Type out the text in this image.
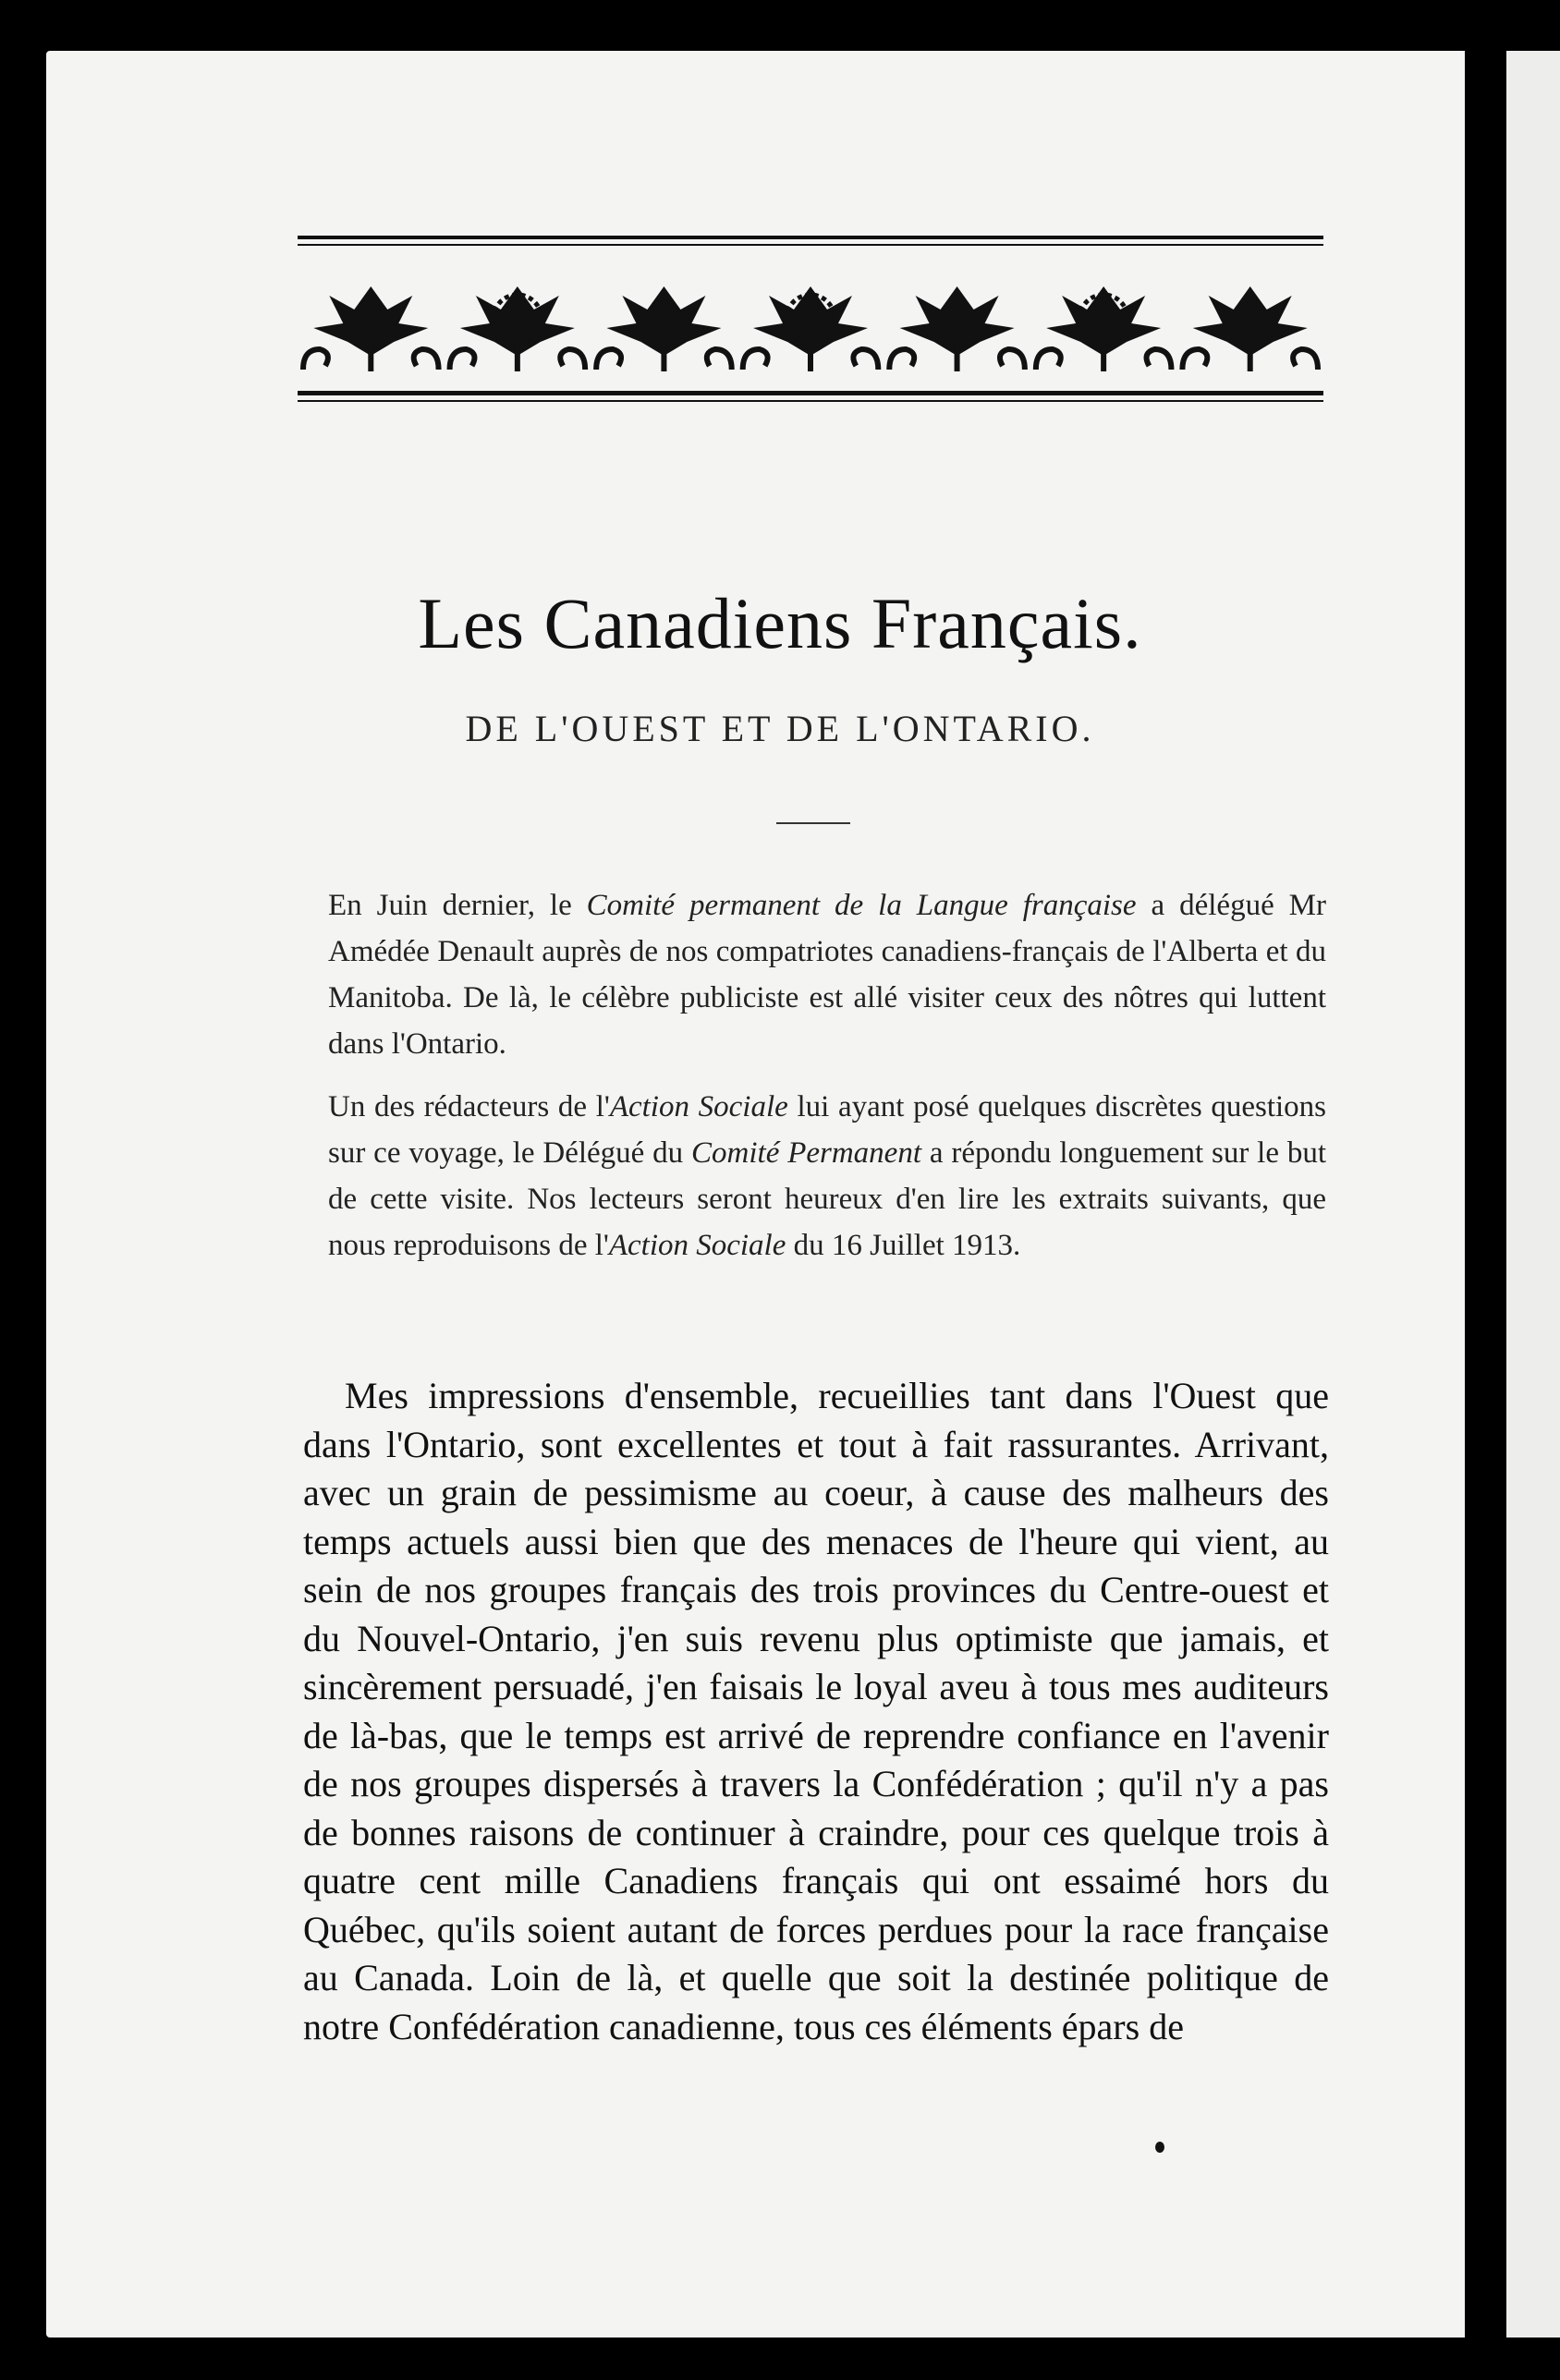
Les Canadiens Français.
DE L'OUEST ET DE L'ONTARIO.

En Juin dernier, le Comité permanent de la Langue française a délégué Mr Amédée Denault auprès de nos compatriotes canadiens-français de l'Alberta et du Manitoba. De là, le célèbre publiciste est allé visiter ceux des nôtres qui luttent dans l'Ontario.

Un des rédacteurs de l'Action Sociale lui ayant posé quelques discrètes questions sur ce voyage, le Délégué du Comité Permanent a répondu longuement sur le but de cette visite. Nos lecteurs seront heureux d'en lire les extraits suivants, que nous reproduisons de l'Action Sociale du 16 Juillet 1913.

Mes impressions d'ensemble, recueillies tant dans l'Ouest que dans l'Ontario, sont excellentes et tout à fait rassurantes. Arrivant, avec un grain de pessimisme au coeur, à cause des malheurs des temps actuels aussi bien que des menaces de l'heure qui vient, au sein de nos groupes français des trois provinces du Centre-ouest et du Nouvel-Ontario, j'en suis revenu plus optimiste que jamais, et sincèrement persuadé, j'en faisais le loyal aveu à tous mes auditeurs de là-bas, que le temps est arrivé de reprendre confiance en l'avenir de nos groupes dispersés à travers la Confédération ; qu'il n'y a pas de bonnes raisons de continuer à craindre, pour ces quelque trois à quatre cent mille Canadiens français qui ont essaimé hors du Québec, qu'ils soient autant de forces perdues pour la race française au Canada. Loin de là, et quelle que soit la destinée politique de notre Confédération canadienne, tous ces éléments épars de
